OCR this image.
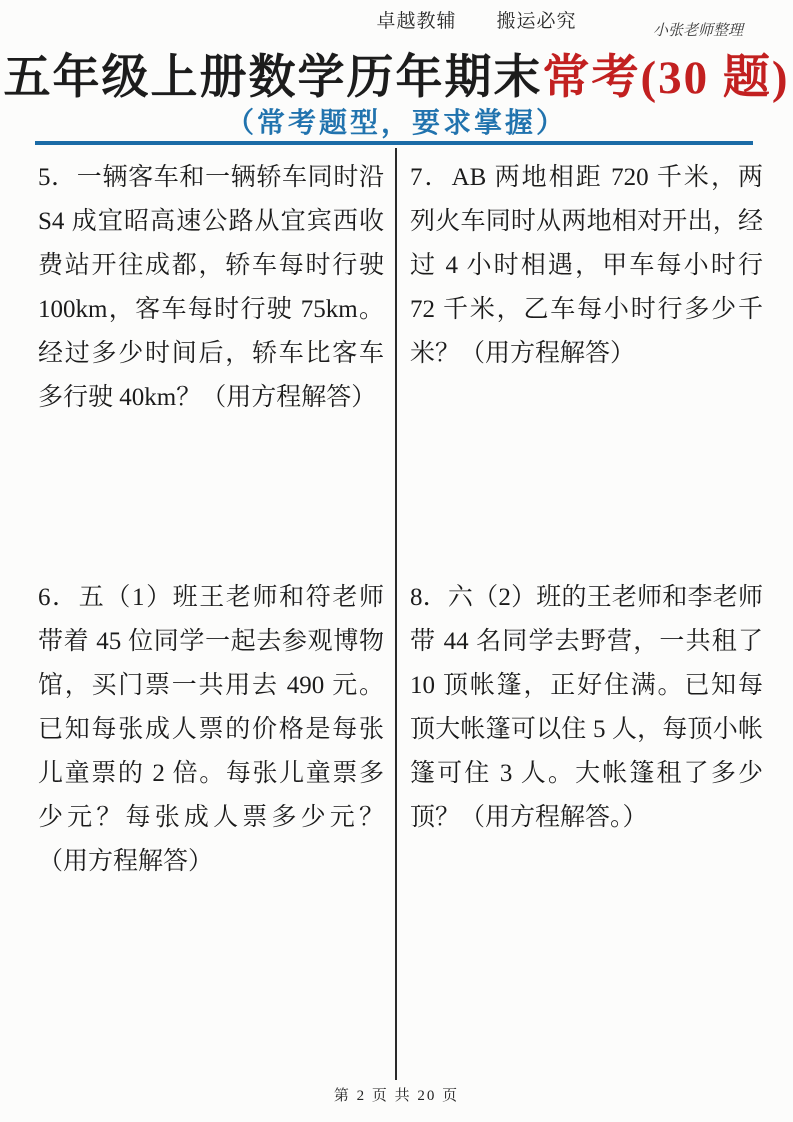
卓越教辅　　搬运必究	小张老师整理
五年级上册数学历年期末常考(30 题)
（常考题型，要求掌握）

5．一辆客车和一辆轿车同时沿 S4 成宜昭高速公路从宜宾西收费站开往成都，轿车每时行驶 100km，客车每时行驶 75km。经过多少时间后，轿车比客车多行驶 40km？（用方程解答）

7．AB 两地相距 720 千米，两列火车同时从两地相对开出，经过 4 小时相遇，甲车每小时行 72 千米，乙车每小时行多少千米？（用方程解答）

6．五（1）班王老师和符老师带着 45 位同学一起去参观博物馆，买门票一共用去 490 元。已知每张成人票的价格是每张儿童票的 2 倍。每张儿童票多少元？每张成人票多少元？（用方程解答）

8．六（2）班的王老师和李老师带 44 名同学去野营，一共租了 10 顶帐篷，正好住满。已知每顶大帐篷可以住 5 人，每顶小帐篷可住 3 人。大帐篷租了多少顶？（用方程解答。）

第 2 页 共 20 页
